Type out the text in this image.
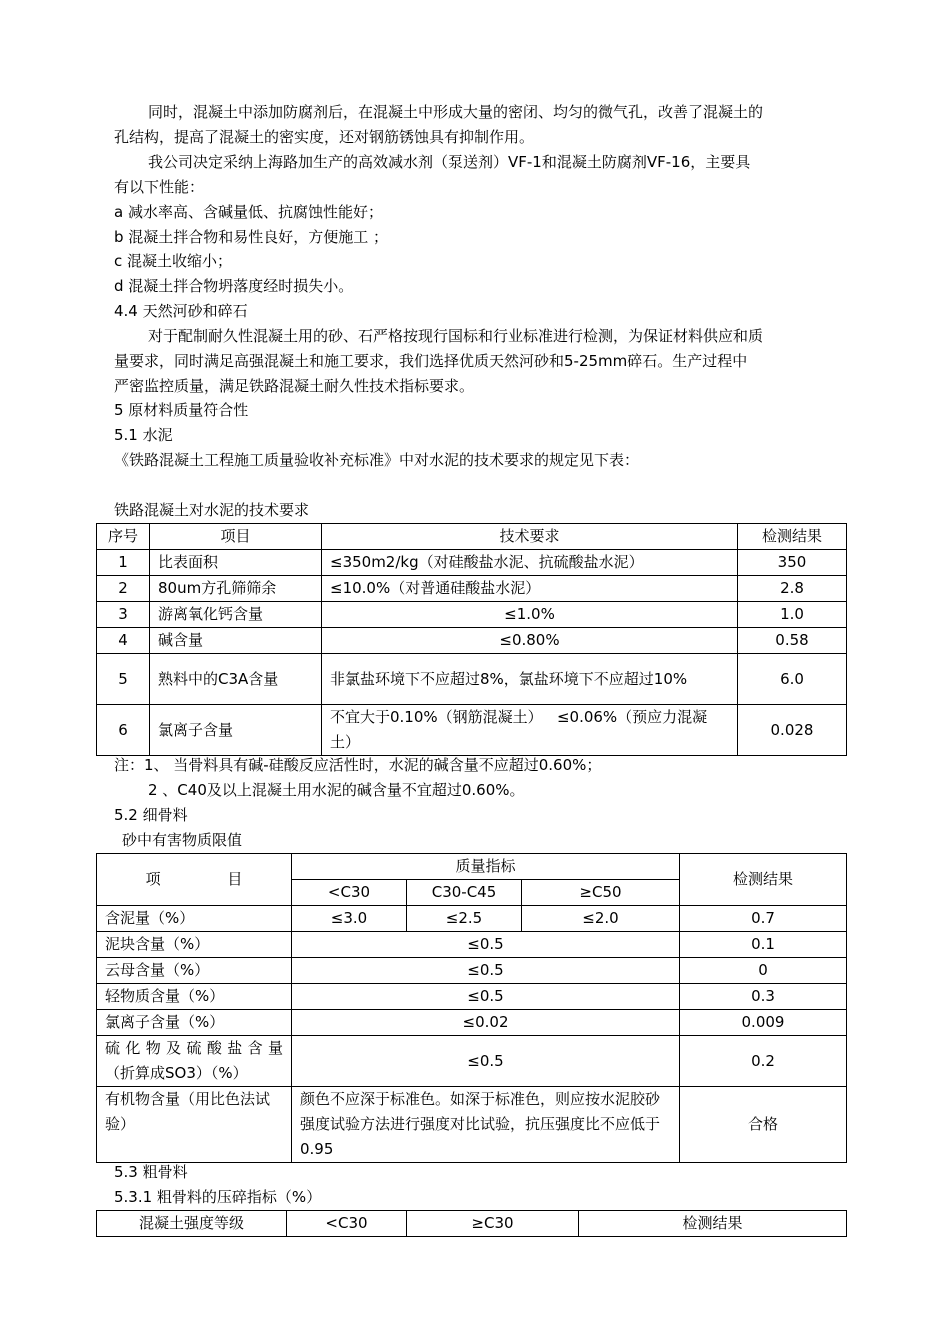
同时，混凝土中添加防腐剂后，在混凝土中形成大量的密闭、均匀的微气孔，改善了混凝土的
孔结构，提高了混凝土的密实度，还对钢筋锈蚀具有抑制作用。
我公司决定采纳上海路加生产的高效减水剂（泵送剂）VF-1和混凝土防腐剂VF-16，主要具
有以下性能：
a 减水率高、含碱量低、抗腐蚀性能好；
b 混凝土拌合物和易性良好，方便施工 ；
c 混凝土收缩小；
d 混凝土拌合物坍落度经时损失小。
4.4 天然河砂和碎石
对于配制耐久性混凝土用的砂、石严格按现行国标和行业标准进行检测，为保证材料供应和质
量要求，同时满足高强混凝土和施工要求，我们选择优质天然河砂和5-25mm碎石。生产过程中
严密监控质量，满足铁路混凝土耐久性技术指标要求。
5 原材料质量符合性
5.1 水泥
《铁路混凝土工程施工质量验收补充标准》中对水泥的技术要求的规定见下表：
铁路混凝土对水泥的技术要求
序号	项目	技术要求	检测结果
1	比表面积	≤350m2/kg（对硅酸盐水泥、抗硫酸盐水泥）	350
2	80um方孔筛筛余	≤10.0%（对普通硅酸盐水泥）	2.8
3	游离氧化钙含量	≤1.0%	1.0
4	碱含量	≤0.80%	0.58
5	熟料中的C3A含量	非氯盐环境下不应超过8%，氯盐环境下不应超过10%	6.0
6	氯离子含量	不宜大于0.10%（钢筋混凝土）   ≤0.06%（预应力混凝土）	0.028
注：1、 当骨料具有碱-硅酸反应活性时，水泥的碱含量不应超过0.60%；
2 、C40及以上混凝土用水泥的碱含量不宜超过0.60%。
5.2 细骨料
砂中有害物质限值
项              目	质量指标			检测结果
	<C30	C30-C45	≥C50	
含泥量（%）	≤3.0	≤2.5	≤2.0	0.7
泥块含量（%）	≤0.5			0.1
云母含量（%）	≤0.5			0
轻物质含量（%）	≤0.5			0.3
氯离子含量（%）	≤0.02			0.009

硫化物及硫酸盐含量
（折算成SO3）（%）	≤0.5			0.2
有机物含量（用比色法试验）	颜色不应深于标准色。如深于标准色，则应按水泥胶砂强度试验方法进行强度对比试验，抗压强度比不应低于0.95			合格
5.3 粗骨料
5.3.1 粗骨料的压碎指标（%）
混凝土强度等级	<C30	≥C30	检测结果
